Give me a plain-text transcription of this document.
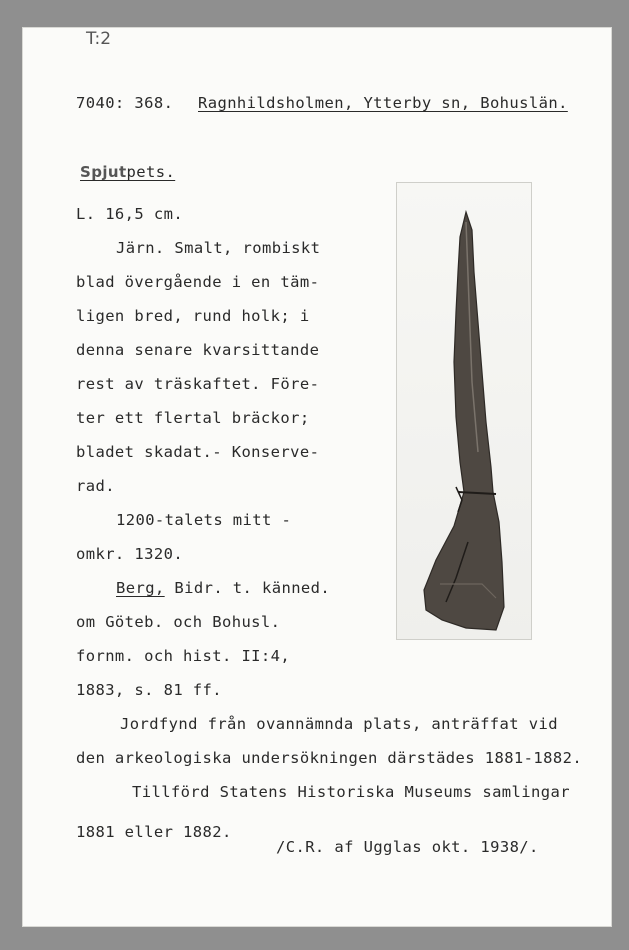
T:2
7040: 368. Ragnhildsholmen, Ytterby sn, Bohuslän.
Spjutpets.
L. 16,5 cm.
Järn. Smalt, rombiskt
blad övergående i en täm-
ligen bred, rund holk; i
denna senare kvarsittande
rest av träskaftet. Före-
ter ett flertal bräckor;
bladet skadat.- Konserve-
rad.
1200-talets mitt -
omkr. 1320.
Berg, Bidr. t. känned.
om Göteb. och Bohusl.
fornm. och hist. II:4,
1883, s. 81 ff.
Jordfynd från ovannämnda plats, anträffat vid
den arkeologiska undersökningen därstädes 1881-1882.
Tillförd Statens Historiska Museums samlingar
1881 eller 1882.
/C.R. af Ugglas okt. 1938/.
